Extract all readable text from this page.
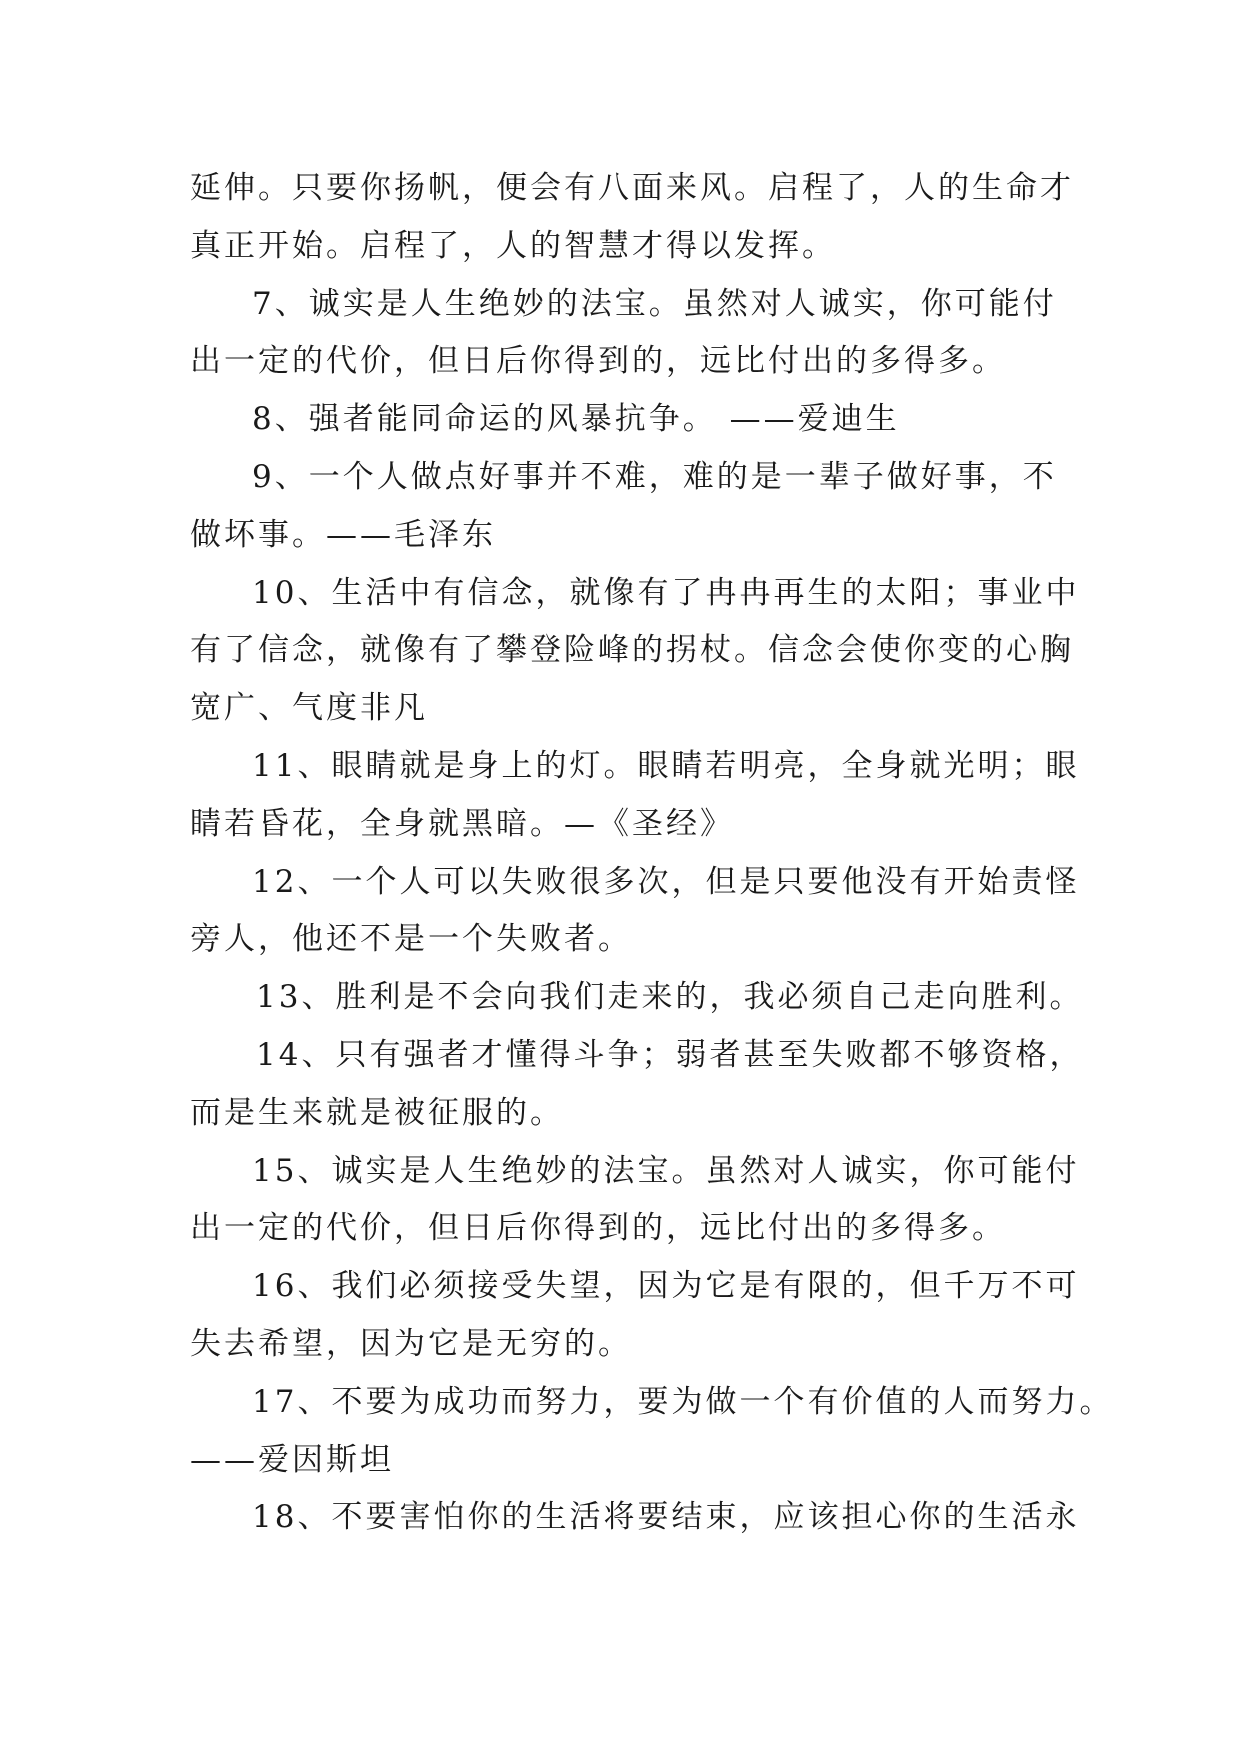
延伸。只要你扬帆，便会有八面来风。启程了，人的生命才
真正开始。启程了，人的智慧才得以发挥。
7、诚实是人生绝妙的法宝。虽然对人诚实，你可能付
出一定的代价，但日后你得到的，远比付出的多得多。
8、强者能同命运的风暴抗争。 ——爱迪生
9、一个人做点好事并不难，难的是一辈子做好事，不
做坏事。——毛泽东
10、生活中有信念，就像有了冉冉再生的太阳；事业中
有了信念，就像有了攀登险峰的拐杖。信念会使你变的心胸
宽广、气度非凡
11、眼睛就是身上的灯。眼睛若明亮，全身就光明；眼
睛若昏花，全身就黑暗。—《圣经》
12、一个人可以失败很多次，但是只要他没有开始责怪
旁人，他还不是一个失败者。
13、胜利是不会向我们走来的，我必须自己走向胜利。
14、只有强者才懂得斗争；弱者甚至失败都不够资格，
而是生来就是被征服的。
15、诚实是人生绝妙的法宝。虽然对人诚实，你可能付
出一定的代价，但日后你得到的，远比付出的多得多。
16、我们必须接受失望，因为它是有限的，但千万不可
失去希望，因为它是无穷的。
17、不要为成功而努力，要为做一个有价值的人而努力。
——爱因斯坦
18、不要害怕你的生活将要结束，应该担心你的生活永
